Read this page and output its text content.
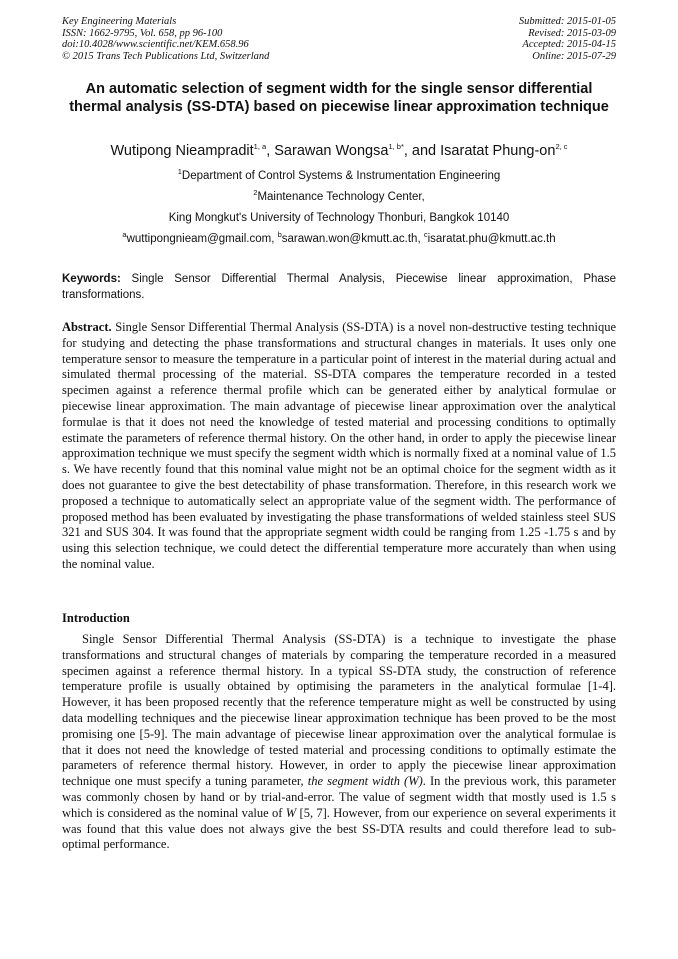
Key Engineering Materials
ISSN: 1662-9795, Vol. 658, pp 96-100
doi:10.4028/www.scientific.net/KEM.658.96
© 2015 Trans Tech Publications Ltd, Switzerland
Submitted: 2015-01-05
Revised: 2015-03-09
Accepted: 2015-04-15
Online: 2015-07-29
An automatic selection of segment width for the single sensor differential thermal analysis (SS-DTA) based on piecewise linear approximation technique
Wutipong Nieampradit$^{1, a}$, Sarawan Wongsa$^{1, b*}$, and Isaratat Phung-on$^{2, c}$
$^1$Department of Control Systems & Instrumentation Engineering
$^2$Maintenance Technology Center,
King Mongkut's University of Technology Thonburi, Bangkok 10140
$^a$wuttipongnieam@gmail.com, $^b$sarawan.won@kmutt.ac.th, $^c$isaratat.phu@kmutt.ac.th
Keywords: Single Sensor Differential Thermal Analysis, Piecewise linear approximation, Phase transformations.
Abstract. Single Sensor Differential Thermal Analysis (SS-DTA) is a novel non-destructive testing technique for studying and detecting the phase transformations and structural changes in materials. It uses only one temperature sensor to measure the temperature in a particular point of interest in the material during actual and simulated thermal processing of the material. SS-DTA compares the temperature recorded in a tested specimen against a reference thermal profile which can be generated either by analytical formulae or piecewise linear approximation. The main advantage of piecewise linear approximation over the analytical formulae is that it does not need the knowledge of tested material and processing conditions to optimally estimate the parameters of reference thermal history. On the other hand, in order to apply the piecewise linear approximation technique we must specify the segment width which is normally fixed at a nominal value of 1.5 s. We have recently found that this nominal value might not be an optimal choice for the segment width as it does not guarantee to give the best detectability of phase transformation. Therefore, in this research work we proposed a technique to automatically select an appropriate value of the segment width. The performance of proposed method has been evaluated by investigating the phase transformations of welded stainless steel SUS 321 and SUS 304. It was found that the appropriate segment width could be ranging from 1.25 -1.75 s and by using this selection technique, we could detect the differential temperature more accurately than when using the nominal value.
Introduction
Single Sensor Differential Thermal Analysis (SS-DTA) is a technique to investigate the phase transformations and structural changes of materials by comparing the temperature recorded in a measured specimen against a reference thermal history. In a typical SS-DTA study, the construction of reference temperature profile is usually obtained by optimising the parameters in the analytical formulae [1-4]. However, it has been proposed recently that the reference temperature might as well be constructed by using data modelling techniques and the piecewise linear approximation technique has been proved to be the most promising one [5-9]. The main advantage of piecewise linear approximation over the analytical formulae is that it does not need the knowledge of tested material and processing conditions to optimally estimate the parameters of reference thermal history. However, in order to apply the piecewise linear approximation technique one must specify a tuning parameter, the segment width (W). In the previous work, this parameter was commonly chosen by hand or by trial-and-error. The value of segment width that mostly used is 1.5 s which is considered as the nominal value of W [5, 7]. However, from our experience on several experiments it was found that this value does not always give the best SS-DTA results and could therefore lead to sub-optimal performance.
